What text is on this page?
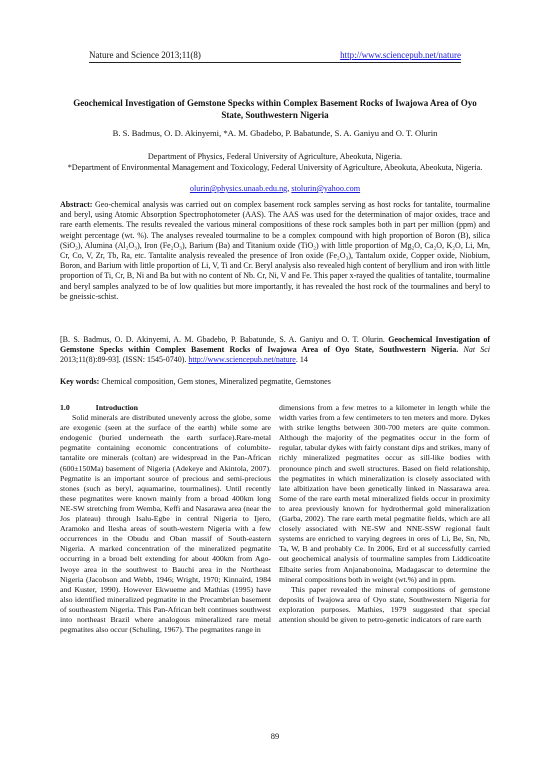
Nature and Science 2013;11(8)	http://www.sciencepub.net/nature
Geochemical Investigation of Gemstone Specks within Complex Basement Rocks of Iwajowa Area of Oyo State, Southwestern Nigeria
B. S. Badmus, O. D. Akinyemi, *A. M. Gbadebo, P. Babatunde, S. A. Ganiyu and O. T. Olurin
Department of Physics, Federal University of Agriculture, Abeokuta, Nigeria.
*Department of Environmental Management and Toxicology, Federal University of Agriculture, Abeokuta, Abeokuta, Nigeria.
olurin@physics.unaab.edu.ng, stolurin@yahoo.com
Abstract: Geo-chemical analysis was carried out on complex basement rock samples serving as host rocks for tantalite, tourmaline and beryl, using Atomic Absorption Spectrophotometer (AAS). The AAS was used for the determination of major oxides, trace and rare earth elements. The results revealed the various mineral compositions of these rock samples both in part per million (ppm) and weight percentage (wt. %). The analyses revealed tourmaline to be a complex compound with high proportion of Boron (B), silica (SiO₂), Alumina (Al₂O₃), Iron (Fe₂O₃), Barium (Ba) and Titanium oxide (TiO₂) with little proportion of Mg₂O, Ca₂O, K₂O, Li, Mn, Cr, Co, V, Zr, Tb, Ra, etc. Tantalite analysis revealed the presence of Iron oxide (Fe₂O₃), Tantalum oxide, Copper oxide, Niobium, Boron, and Barium with little proportion of Li, V, Ti and Cr. Beryl analysis also revealed high content of beryllium and iron with little proportion of Ti, Cr, B, Ni and Ba but with no content of Nb. Cr, Ni, V and Fe. This paper x-rayed the qualities of tantalite, tourmaline and beryl samples analyzed to be of low qualities but more importantly, it has revealed the host rock of the tourmalines and beryl to be gneissic-schist.
[B. S. Badmus, O. D. Akinyemi, A. M. Gbadebo, P. Babatunde, S. A. Ganiyu and O. T. Olurin. Geochemical Investigation of Gemstone Specks within Complex Basement Rocks of Iwajowa Area of Oyo State, Southwestern Nigeria. Nat Sci 2013;11(8):89-93]. (ISSN: 1545-0740). http://www.sciencepub.net/nature. 14
Key words: Chemical composition, Gem stones, Mineralized pegmatite, Gemstones
1.0	Introduction
Solid minerals are distributed unevenly across the globe, some are exogenic (seen at the surface of the earth) while some are endogenic (buried underneath the earth surface).Rare-metal pegmatite containing economic concentrations of columbite-tantalite ore minerals (coltan) are widespread in the Pan-African (600±150Ma) basement of Nigeria (Adekeye and Akintola, 2007). Pegmatite is an important source of precious and semi-precious stones (such as beryl, aquamarine, tourmalines). Until recently these pegmatites were known mainly from a broad 400km long NE-SW stretching from Wemba, Keffi and Nasarawa area (near the Jos plateau) through Isalu-Egbe in central Nigeria to Ijero, Aramoko and Ilesha areas of south-western Nigeria with a few occurrences in the Obudu and Oban massif of South-eastern Nigeria. A marked concentration of the mineralized pegmatite occurring in a broad belt extending for about 400km from Ago-Iwoye area in the southwest to Bauchi area in the Northeast Nigeria (Jacobson and Webb, 1946; Wright, 1970; Kinnaird, 1984 and Kuster, 1990). However Ekwueme and Mathias (1995) have also identified mineralized pegmatite in the Precambrian basement of southeastern Nigeria. This Pan-African belt continues southwest into northeast Brazil where analogous mineralized rare metal pegmatites also occur (Schuling, 1967). The pegmatites range in
dimensions from a few metres to a kilometer in length while the width varies from a few centimeters to ten meters and more. Dykes with strike lengths between 300-700 meters are quite common. Although the majority of the pegmatites occur in the form of regular, tabular dykes with fairly constant dips and strikes, many of richly mineralized pegmatites occur as sill-like bodies with pronounce pinch and swell structures. Based on field relationship, the pegmatites in which mineralization is closely associated with late albitization have been genetically linked in Nassarawa area. Some of the rare earth metal mineralized fields occur in proximity to area previously known for hydrothermal gold mineralization (Garba, 2002). The rare earth metal pegmatite fields, which are all closely associated with NE-SW and NNE-SSW regional fault systems are enriched to varying degrees in ores of Li, Be, Sn, Nb, Ta, W, B and probably Ce. In 2006, Erd et al successfully carried out geochemical analysis of tourmaline samples from Liddicoatite Elbaite series from Anjanabonoina, Madagascar to determine the mineral compositions both in weight (wt.%) and in ppm.
This paper revealed the mineral compositions of gemstone deposits of Iwajowa area of Oyo state, Southwestern Nigeria for exploration purposes. Mathies, 1979 suggested that special attention should be given to petro-genetic indicators of rare earth
89
